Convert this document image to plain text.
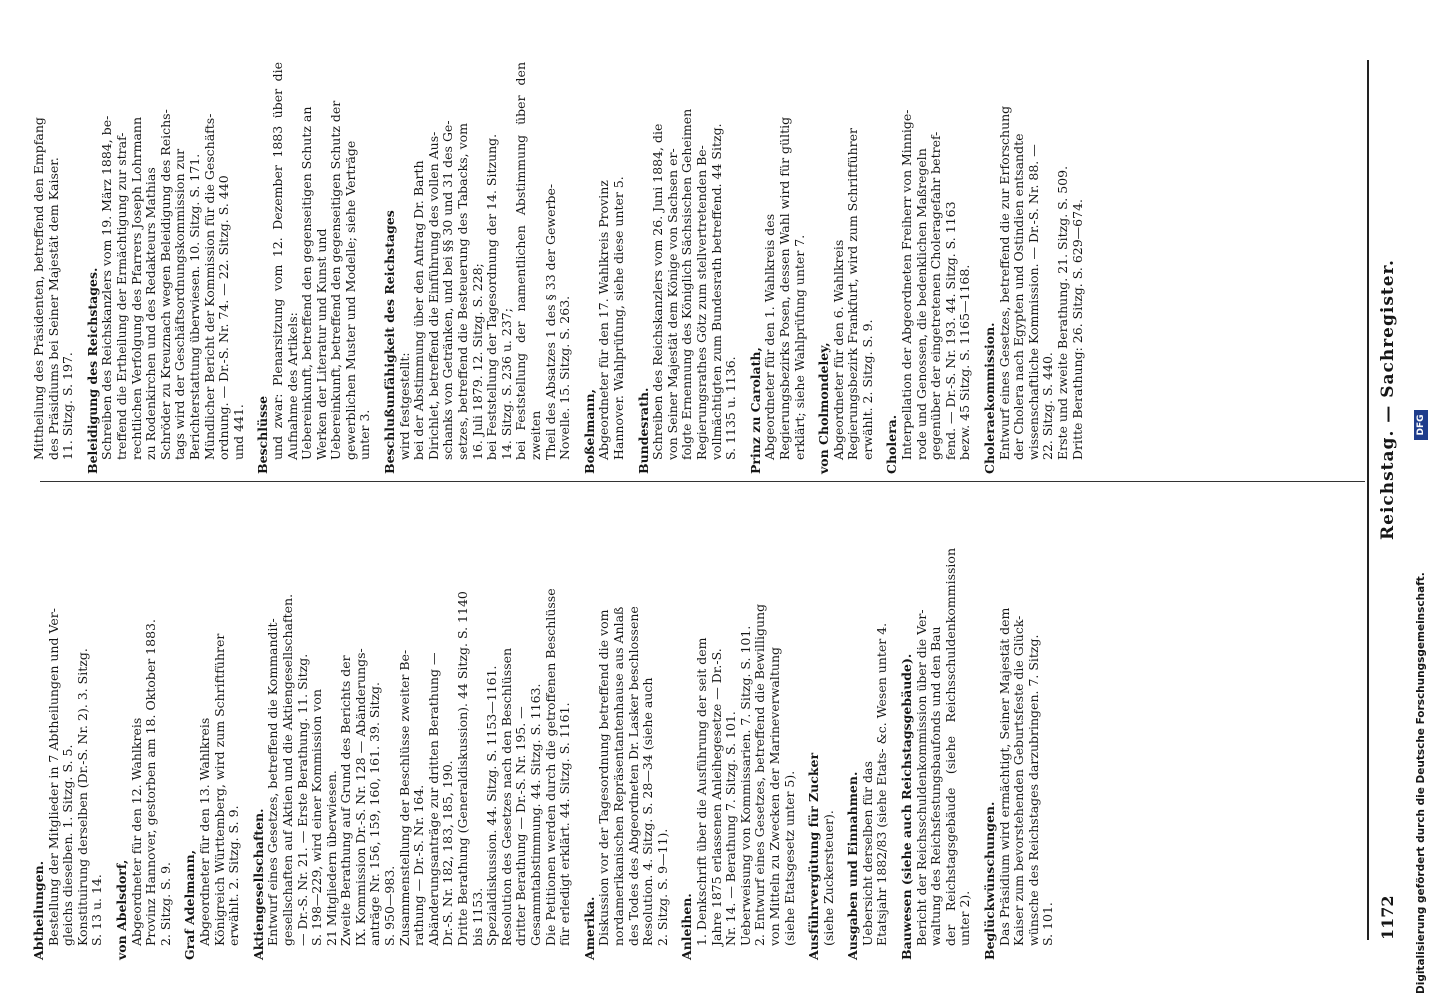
1172
Reichstag. — Sachregister.
Abtheilungen. Bestellung der Mitglieder in 7 Abtheilungen und Ver- gleichs dieselben. 1. Sitzg. S. 5. Konstituirung derselben (Dr.-S. Nr. 2). 3. Sitzg. S. 13 u. 14. von Abelsdorf, Abgeordneter für den 12. Wahlkreis Provinz Hannover, gestorben am 18. Oktober 1883. 2. Sitzg. S. 9. Graf Adelmann, Abgeordneter für den 13. Wahlkreis Königreich Württemberg, wird zum Schriftführer erwählt. 2. Sitzg. S. 9. Aktiengesellschaften. Entwurf eines Gesetzes, betreffend die Kommandit- gesellschaften auf Aktien und die Aktiengesellschaften. — Dr.-S. Nr. 21. — Erste Berathung. 11. Sitzg. S. 198—229, wird einer Kommission von 21 Mitgliedern überwiesen. Zweite Berathung auf Grund des Berichts der IX. Kommission Dr.-S. Nr. 128 — Abänderungs- anträge Nr. 156, 159, 160, 161. 39. Sitzg. S. 950—983. Zusammenstellung der Beschlüsse zweiter Be- rathung — Dr.-S. Nr. 164. Abänderungsanträge zur dritten Berathung — Dr.-S. Nr. 182, 183, 185, 190. Dritte Berathung (Generaldiskussion). 44 Sitzg. S. 1140 bis 1153. Spezialdiskussion. 44. Sitzg. S. 1153—1161. Resolution des Gesetzes nach den Beschlüssen dritter Berathung — Dr.-S. Nr. 195. — Gesammtabstimmung. 44. Sitzg. S. 1163. Die Petitionen werden durch die getroffenen Beschlüsse für erledigt erklärt. 44. Sitzg. S. 1161. Amerika. Diskussion vor der Tagesordnung betreffend die vom nordamerikanischen Repräsentantenhause aus Anlaß des Todes des Abgeordneten Dr. Lasker beschlossene Resolution. 4. Sitzg. S. 28—34 (siehe auch 2. Sitzg. S. 9—11). Anleihen. 1. Denkschrift über die Ausführung der seit dem Jahre 1875 erlassenen Anleihegesetze — Dr.-S. Nr. 14. — Berathung 7. Sitzg. S. 101. Ueberweisung von Kommissarien. 7. Sitzg. S. 101. 2. Entwurf eines Gesetzes, betreffend die Bewilligung von Mitteln zu Zwecken der Marineverwaltung (siehe Etatsgesetz unter 5). Ausführvergütung für Zucker (siehe Zuckersteuer). Ausgaben und Einnahmen. Uebersicht derselben für das Etatsjahr 1882/83 (siehe Etats- &c. Wesen unter 4. Bauwesen (siehe auch Reichstagsgebäude). Bericht der Reichsschuldenkommission über die Ver- waltung des Reichsfestungsbaufonds und den Bau der Reichstagsgebäude (siehe Reichsschuldenkommission unter 2). Beglückwünschungen. Das Präsidium wird ermächtigt, Seiner Majestät dem Kaiser zum bevorstehenden Geburtsfeste die Glück- wünsche des Reichstages darzubringen. 7. Sitzg. S. 101.
Mittheilung des Präsidenten, betreffend den Empfang des Präsidiums bei Seiner Majestät dem Kaiser. 11. Sitzg. S. 197. Beleidigung des Reichstages. Schreiben des Reichskanzlers vom 19. März 1884, be- treffend die Ertheilung der Ermächtigung zur straf- rechtlichen Verfolgung des Pfarrers Joseph Lohrmann zu Rodenkirchen und des Redakteurs Mathias Schröder zu Kreuznach wegen Beleidigung des Reichs- tags wird der Geschäftsordnungskommission zur Berichterstattung überwiesen. 10. Sitzg. S. 171. Mündlicher Bericht der Kommission für die Geschäfts- ordnung. — Dr.-S. Nr. 74. — 22. Sitzg. S. 440 und 441. Beschlüsse und zwar: Plenarsitzung vom 12. Dezember 1883 über die Aufnahme des Artikels: Uebereinkunft, betreffend den gegenseitigen Schutz an Werken der Literatur und Kunst und Uebereinkunft, betreffend den gegenseitigen Schutz der gewerblichen Muster und Modelle; siehe Verträge unter 3. Beschlußunfähigkeit des Reichstages wird festgestellt: bei der Abstimmung über den Antrag Dr. Barth Dirichlet, betreffend die Einführung des vollen Aus- schanks von Getränken, und bei §§ 30 und 31 des Ge- setzes, betreffend die Besteuerung des Tabacks, vom 16. Juli 1879. 12. Sitzg. S. 228; bei Feststellung der Tagesordnung der 14. Sitzung. 14. Sitzg. S. 236 u. 237; bei Feststellung der namentlichen Abstimmung über den zweiten Theil des Absatzes 1 des § 33 der Gewerbe- Novelle. 15. Sitzg. S. 263. Boßelmann, Abgeordneter für den 17. Wahlkreis Provinz Hannover. Wahlprüfung, siehe diese unter 5. Bundesrath. Schreiben des Reichskanzlers vom 26. Juni 1884, die von Seiner Majestät dem Könige von Sachsen er- folgte Ernennung des Königlich Sächsischen Geheimen Regierungsrathes Götz zum stellvertretenden Be- vollmächtigten zum Bundesrath betreffend. 44 Sitzg. S. 1135 u. 1136. Prinz zu Carolath, Abgeordneter für den 1. Wahlkreis des Regierungsbezirks Posen, dessen Wahl wird für gültig erklärt; siehe Wahlprüfung unter 7. von Cholmondeley, Abgeordneter für den 6. Wahlkreis Regierungsbezirk Frankfurt, wird zum Schriftführer erwählt. 2. Sitzg. S. 9. Cholera. Interpellation der Abgeordneten Freiherr von Minnige- rode und Genossen, die bedenklichen Maßregeln gegenüber der eingetretenen Choleragefahr betref- fend. — Dr.-S. Nr. 193. 44. Sitzg. S. 1163 bezw. 45 Sitzg. S. 1165—1168. Choleraekommission. Entwurf eines Gesetzes, betreffend die zur Erforschung der Cholera nach Egypten und Ostindien entsandte wissenschaftliche Kommission. — Dr.-S. Nr. 88. — 22. Sitzg. S. 440. Erste und zweite Berathung. 21. Sitzg. S. 509. Dritte Berathung: 26. Sitzg. S. 629—674.
Digitalisierung gefördert durch die Deutsche Forschungsgemeinschaft.
DFG
